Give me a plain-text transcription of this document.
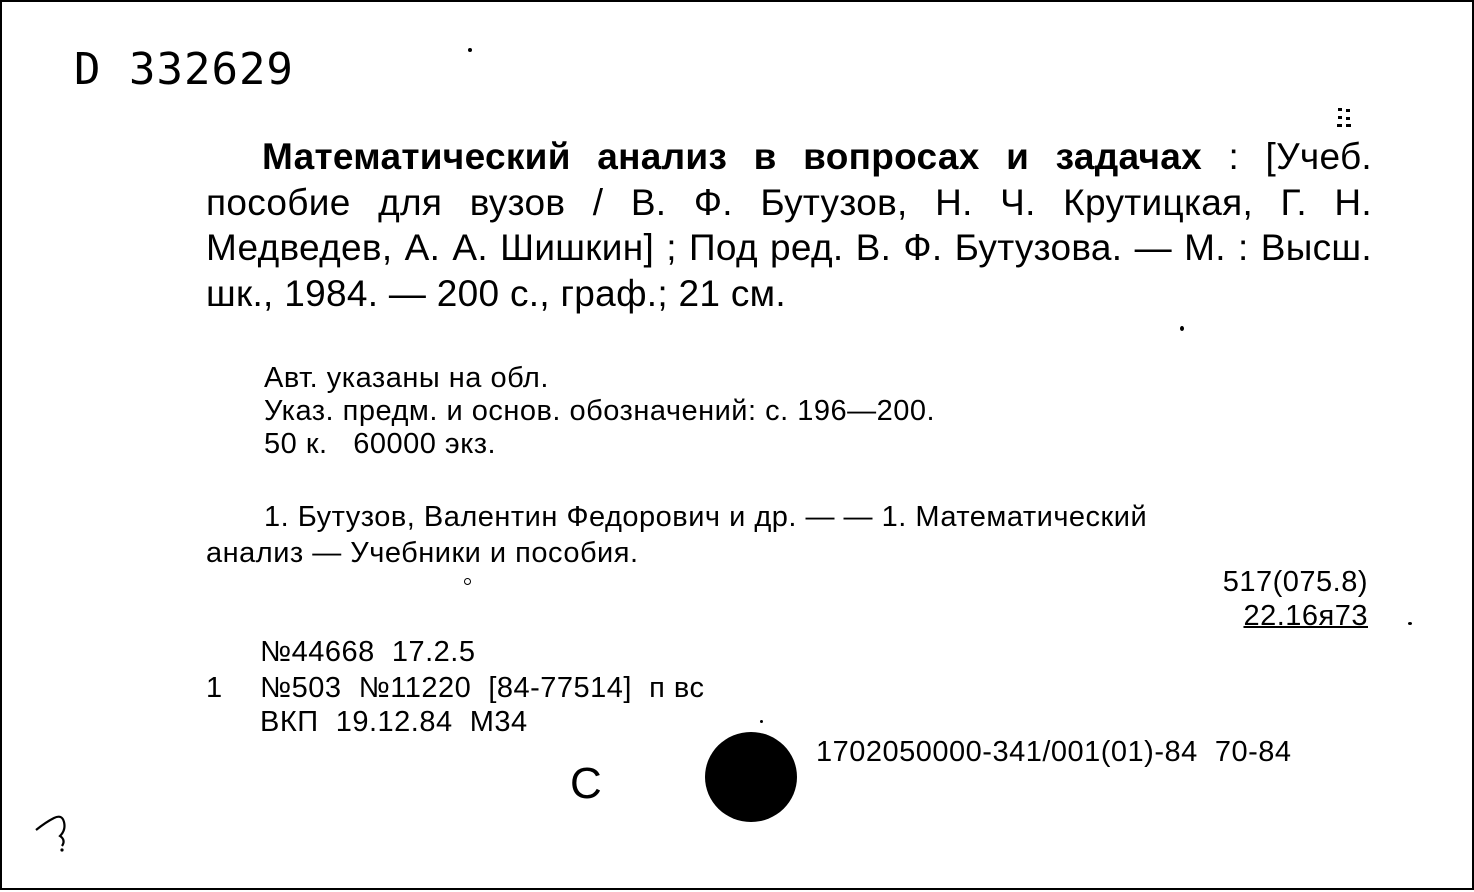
D 332629
Математический анализ в вопросах и задачах : [Учеб. пособие для вузов / В. Ф. Бутузов, Н. Ч. Крутицкая, Г. Н. Медведев, А. А. Шишкин] ; Под ред. В. Ф. Бутузова. — М. : Высш. шк., 1984. — 200 с., граф.; 21 см.
Авт. указаны на обл.
Указ. предм. и основ. обозначений: с. 196—200.
50 к.   60000 экз.
1. Бутузов, Валентин Федорович и др. — — 1. Математический
анализ — Учебники и пособия.
517(075.8)
22.16я73
№44668  17.2.5
1 №503  №11220  [84-77514]  п вс
ВКП  19.12.84  М34
С
1702050000-341/001(01)-84  70-84
